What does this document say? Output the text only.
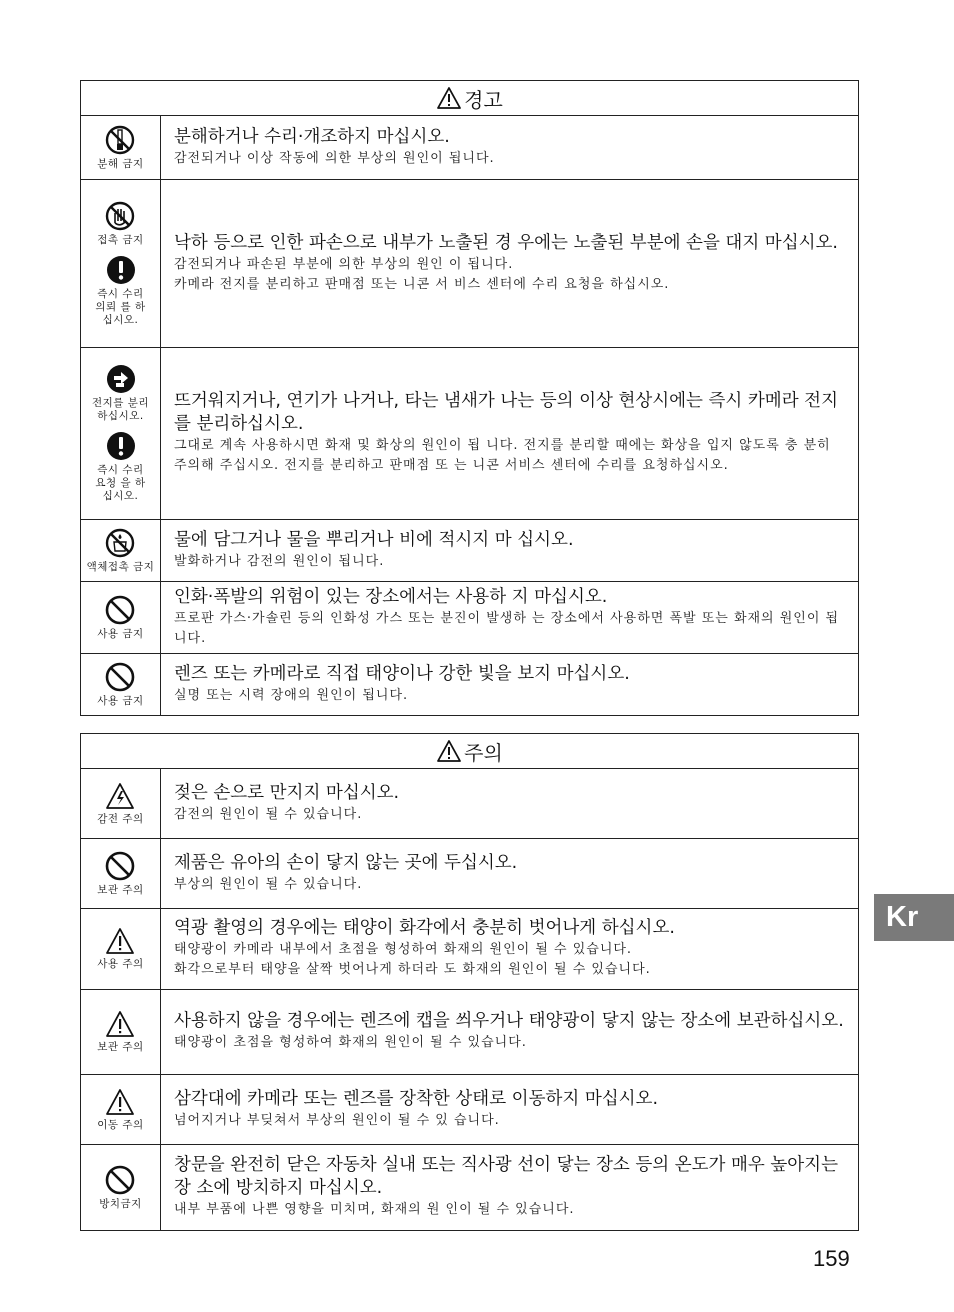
경고
분해 금지
분해하거나 수리·개조하지 마십시오.
감전되거나 이상 작동에 의한 부상의 원인이 됩니다.
접촉 금지
즉시 수리
의뢰 를 하
십시오.
낙하 등으로 인한 파손으로 내부가 노출된 경 우에는 노출된 부분에 손을 대지 마십시오.
감전되거나 파손된 부분에 의한 부상의 원인 이 됩니다.
카메라 전지를 분리하고 판매점 또는 니콘 서 비스 센터에 수리 요청을 하십시오.
전지를 분리
하십시오.
즉시 수리
요청 을 하
십시오.
뜨거워지거나, 연기가 나거나, 타는 냄새가 나는 등의 이상 현상시에는 즉시 카메라 전지를 분리하십시오.
그대로 계속 사용하시면 화재 및 화상의 원인이 됩 니다. 전지를 분리할 때에는 화상을 입지 않도록 충 분히 주의해 주십시오. 전지를 분리하고 판매점 또 는 니콘 서비스 센터에 수리를 요청하십시오.
액체접촉 금지
물에 담그거나 물을 뿌리거나 비에 적시지 마 십시오.
발화하거나 감전의 원인이 됩니다.
사용 금지
인화·폭발의 위험이 있는 장소에서는 사용하 지 마십시오.
프로판 가스·가솔린 등의 인화성 가스 또는 분진이 발생하 는 장소에서 사용하면 폭발 또는 화재의 원인이 됩니다.
사용 금지
렌즈 또는 카메라로 직접 태양이나 강한 빛을 보지 마십시오.
실명 또는 시력 장애의 원인이 됩니다.
주의
감전 주의
젖은 손으로 만지지 마십시오.
감전의 원인이 될 수 있습니다.
보관 주의
제품은 유아의 손이 닿지 않는 곳에 두십시오.
부상의 원인이 될 수 있습니다.
사용 주의
역광 촬영의 경우에는 태양이 화각에서 충분히 벗어나게 하십시오.
태양광이 카메라 내부에서 초점을 형성하여 화재의 원인이 될 수 있습니다.
화각으로부터 태양을 살짝 벗어나게 하더라 도 화재의 원인이 될 수 있습니다.
보관 주의
사용하지 않을 경우에는 렌즈에 캡을 씌우거나 태양광이 닿지 않는 장소에 보관하십시오.
태양광이 초점을 형성하여 화재의 원인이 될 수 있습니다.
이동 주의
삼각대에 카메라 또는 렌즈를 장착한 상태로 이동하지 마십시오.
넘어지거나 부딪쳐서 부상의 원인이 될 수 있 습니다.
방치금지
창문을 완전히 닫은 자동차 실내 또는 직사광 선이 닿는 장소 등의 온도가 매우 높아지는 장 소에 방치하지 마십시오.
내부 부품에 나쁜 영향을 미치며, 화재의 원 인이 될 수 있습니다.
Kr
159
